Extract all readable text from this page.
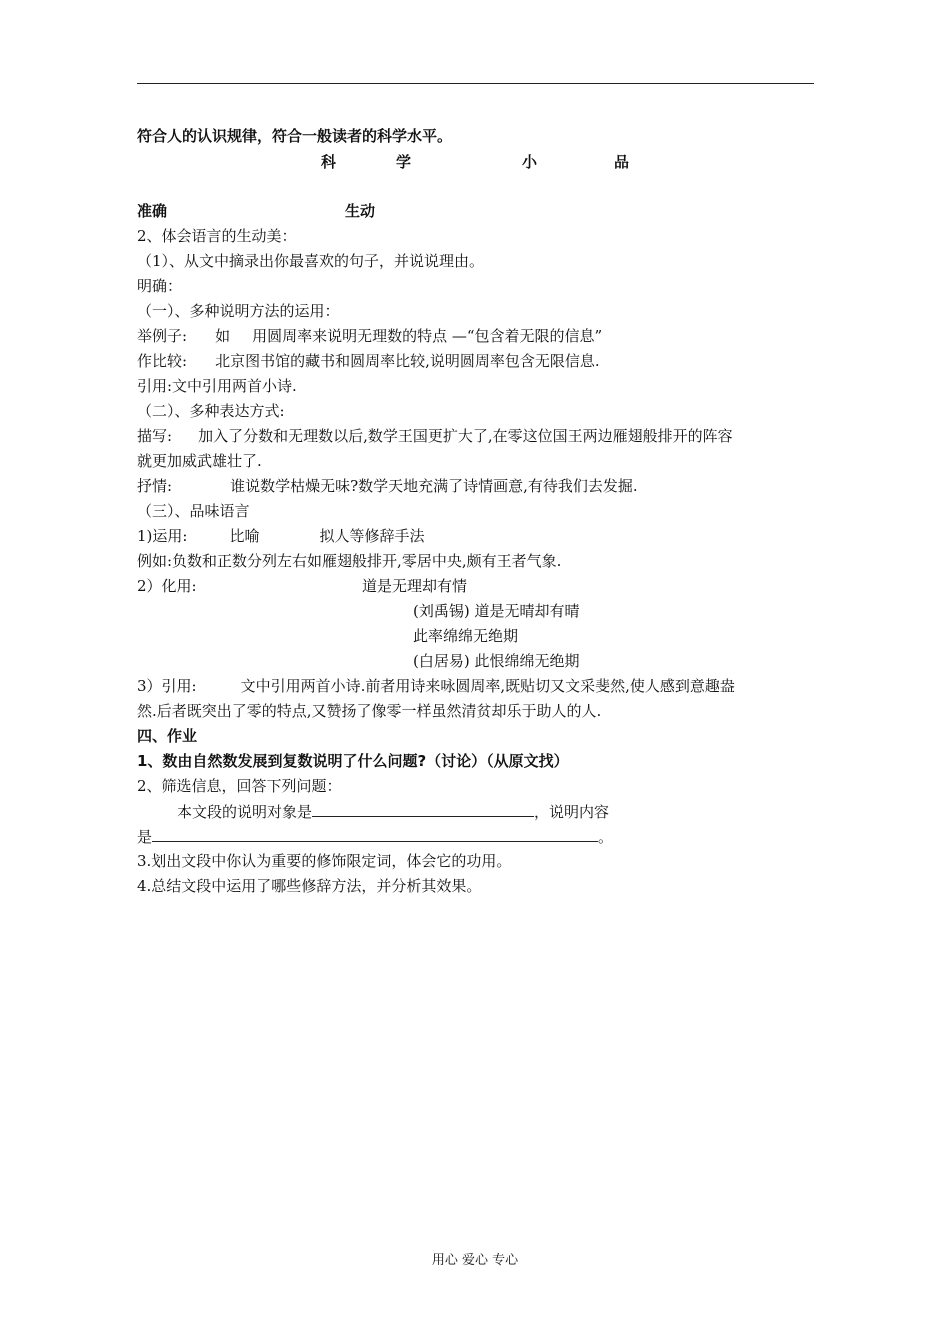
符合人的认识规律，符合一般读者的科学水平。
科	学	小	品
准确	生动
2、体会语言的生动美：
（1）、从文中摘录出你最喜欢的句子，并说说理由。
明确：
（一）、多种说明方法的运用：
举例子: 如 用圆周率来说明无理数的特点 —“包含着无限的信息”
作比较: 北京图书馆的藏书和圆周率比较,说明圆周率包含无限信息.
引用:文中引用两首小诗.
（二）、多种表达方式:
描写: 加入了分数和无理数以后,数学王国更扩大了,在零这位国王两边雁翅般排开的阵容
就更加威武雄壮了.
抒情:	谁说数学枯燥无味?数学天地充满了诗情画意,有待我们去发掘.
（三）、品味语言
1)运用:	比喻	拟人等修辞手法
例如:负数和正数分列左右如雁翅般排开,零居中央,颇有王者气象.
2）化用:	道是无理却有情
(刘禹锡) 道是无晴却有晴
此率绵绵无绝期
(白居易) 此恨绵绵无绝期
3）引用:	文中引用两首小诗.前者用诗来咏圆周率,既贴切又文采斐然,使人感到意趣盎
然.后者既突出了零的特点,又赞扬了像零一样虽然清贫却乐于助人的人.
四、作业
1、数由自然数发展到复数说明了什么问题?（讨论）（从原文找）
2、筛选信息，回答下列问题：
本文段的说明对象是	，说明内容
是	。
3.划出文段中你认为重要的修饰限定词，体会它的功用。
4.总结文段中运用了哪些修辞方法，并分析其效果。
用心 爱心 专心
